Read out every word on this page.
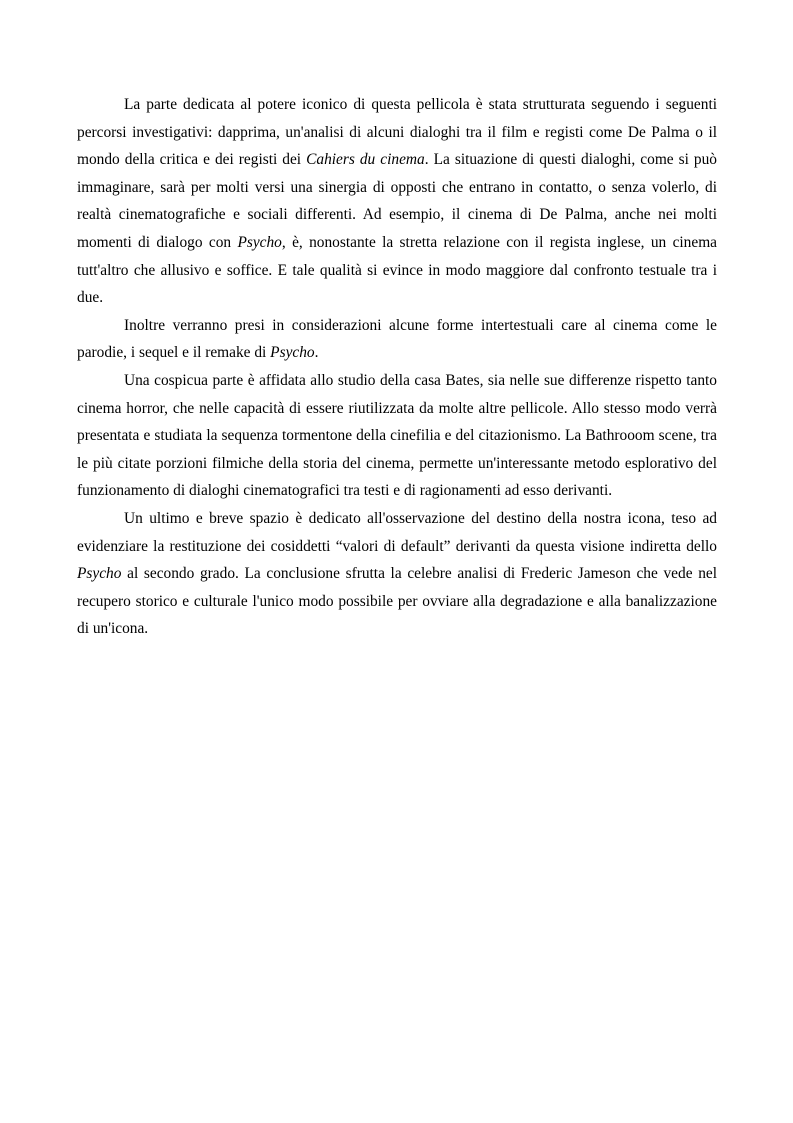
La parte dedicata al potere iconico di questa pellicola è stata strutturata seguendo i seguenti percorsi investigativi: dapprima, un'analisi di alcuni dialoghi tra il film e registi come De Palma o il mondo della critica e dei registi dei Cahiers du cinema. La situazione di questi dialoghi, come si può immaginare, sarà per molti versi una sinergia di opposti che entrano in contatto, o senza volerlo, di realtà cinematografiche e sociali differenti. Ad esempio, il cinema di De Palma, anche nei molti momenti di dialogo con Psycho, è, nonostante la stretta relazione con il regista inglese, un cinema tutt'altro che allusivo e soffice. E tale qualità si evince in modo maggiore dal confronto testuale tra i due.

Inoltre verranno presi in considerazioni alcune forme intertestuali care al cinema come le parodie, i sequel e il remake di Psycho.

Una cospicua parte è affidata allo studio della casa Bates, sia nelle sue differenze rispetto tanto cinema horror, che nelle capacità di essere riutilizzata da molte altre pellicole. Allo stesso modo verrà presentata e studiata la sequenza tormentone della cinefilia e del citazionismo. La Bathrooom scene, tra le più citate porzioni filmiche della storia del cinema, permette un'interessante metodo esplorativo del funzionamento di dialoghi cinematografici tra testi e di ragionamenti ad esso derivanti.

Un ultimo e breve spazio è dedicato all'osservazione del destino della nostra icona, teso ad evidenziare la restituzione dei cosiddetti “valori di default” derivanti da questa visione indiretta dello Psycho al secondo grado. La conclusione sfrutta la celebre analisi di Frederic Jameson che vede nel recupero storico e culturale l'unico modo possibile per ovviare alla degradazione e alla banalizzazione di un'icona.
